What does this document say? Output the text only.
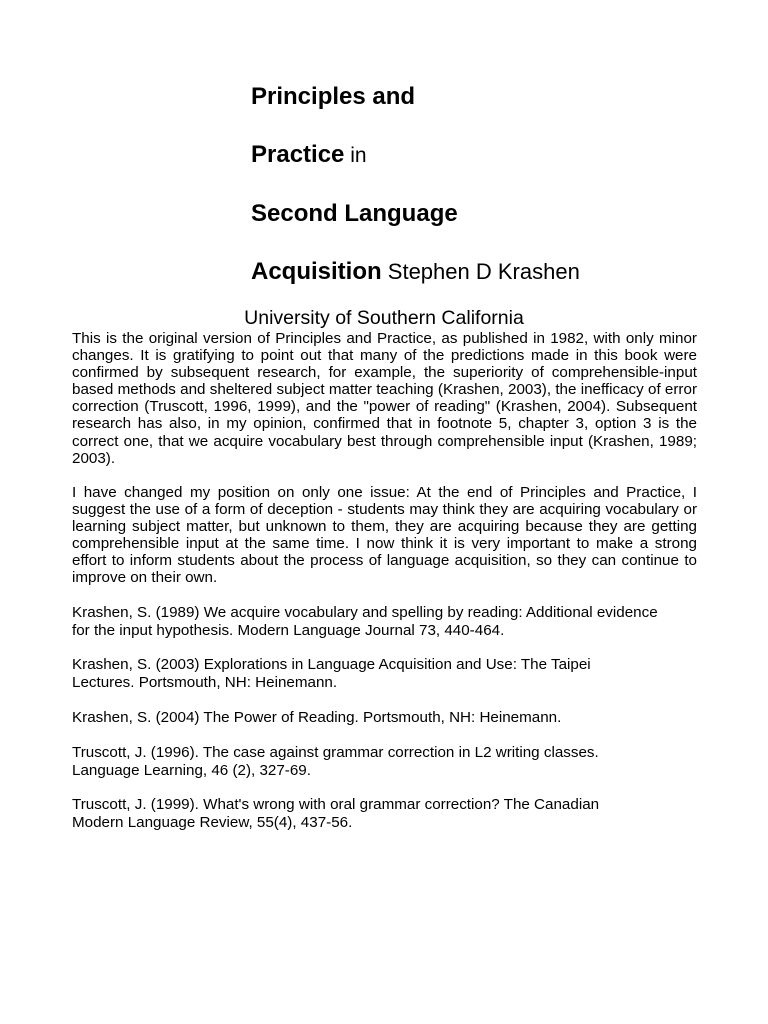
Principles and
Practice in
Second Language
Acquisition Stephen D Krashen
University of Southern California

This is the original version of Principles and Practice, as published in 1982, with only minor changes. It is gratifying to point out that many of the predictions made in this book were confirmed by subsequent research, for example, the superiority of comprehensible-input based methods and sheltered subject matter teaching (Krashen, 2003), the inefficacy of error correction (Truscott, 1996, 1999), and the "power of reading" (Krashen, 2004). Subsequent research has also, in my opinion, confirmed that in footnote 5, chapter 3, option 3 is the correct one, that we acquire vocabulary best through comprehensible input (Krashen, 1989; 2003).

I have changed my position on only one issue: At the end of Principles and Practice, I suggest the use of a form of deception - students may think they are acquiring vocabulary or learning subject matter, but unknown to them, they are acquiring because they are getting comprehensible input at the same time. I now think it is very important to make a strong effort to inform students about the process of language acquisition, so they can continue to improve on their own.

Krashen, S. (1989) We acquire vocabulary and spelling by reading: Additional evidence
for the input hypothesis. Modern Language Journal 73, 440-464.
Krashen, S. (2003) Explorations in Language Acquisition and Use: The Taipei
Lectures. Portsmouth, NH: Heinemann.
Krashen, S. (2004) The Power of Reading. Portsmouth, NH: Heinemann.
Truscott, J. (1996). The case against grammar correction in L2 writing classes.
Language Learning, 46 (2), 327-69.
Truscott, J. (1999). What's wrong with oral grammar correction? The Canadian
Modern Language Review, 55(4), 437-56.
